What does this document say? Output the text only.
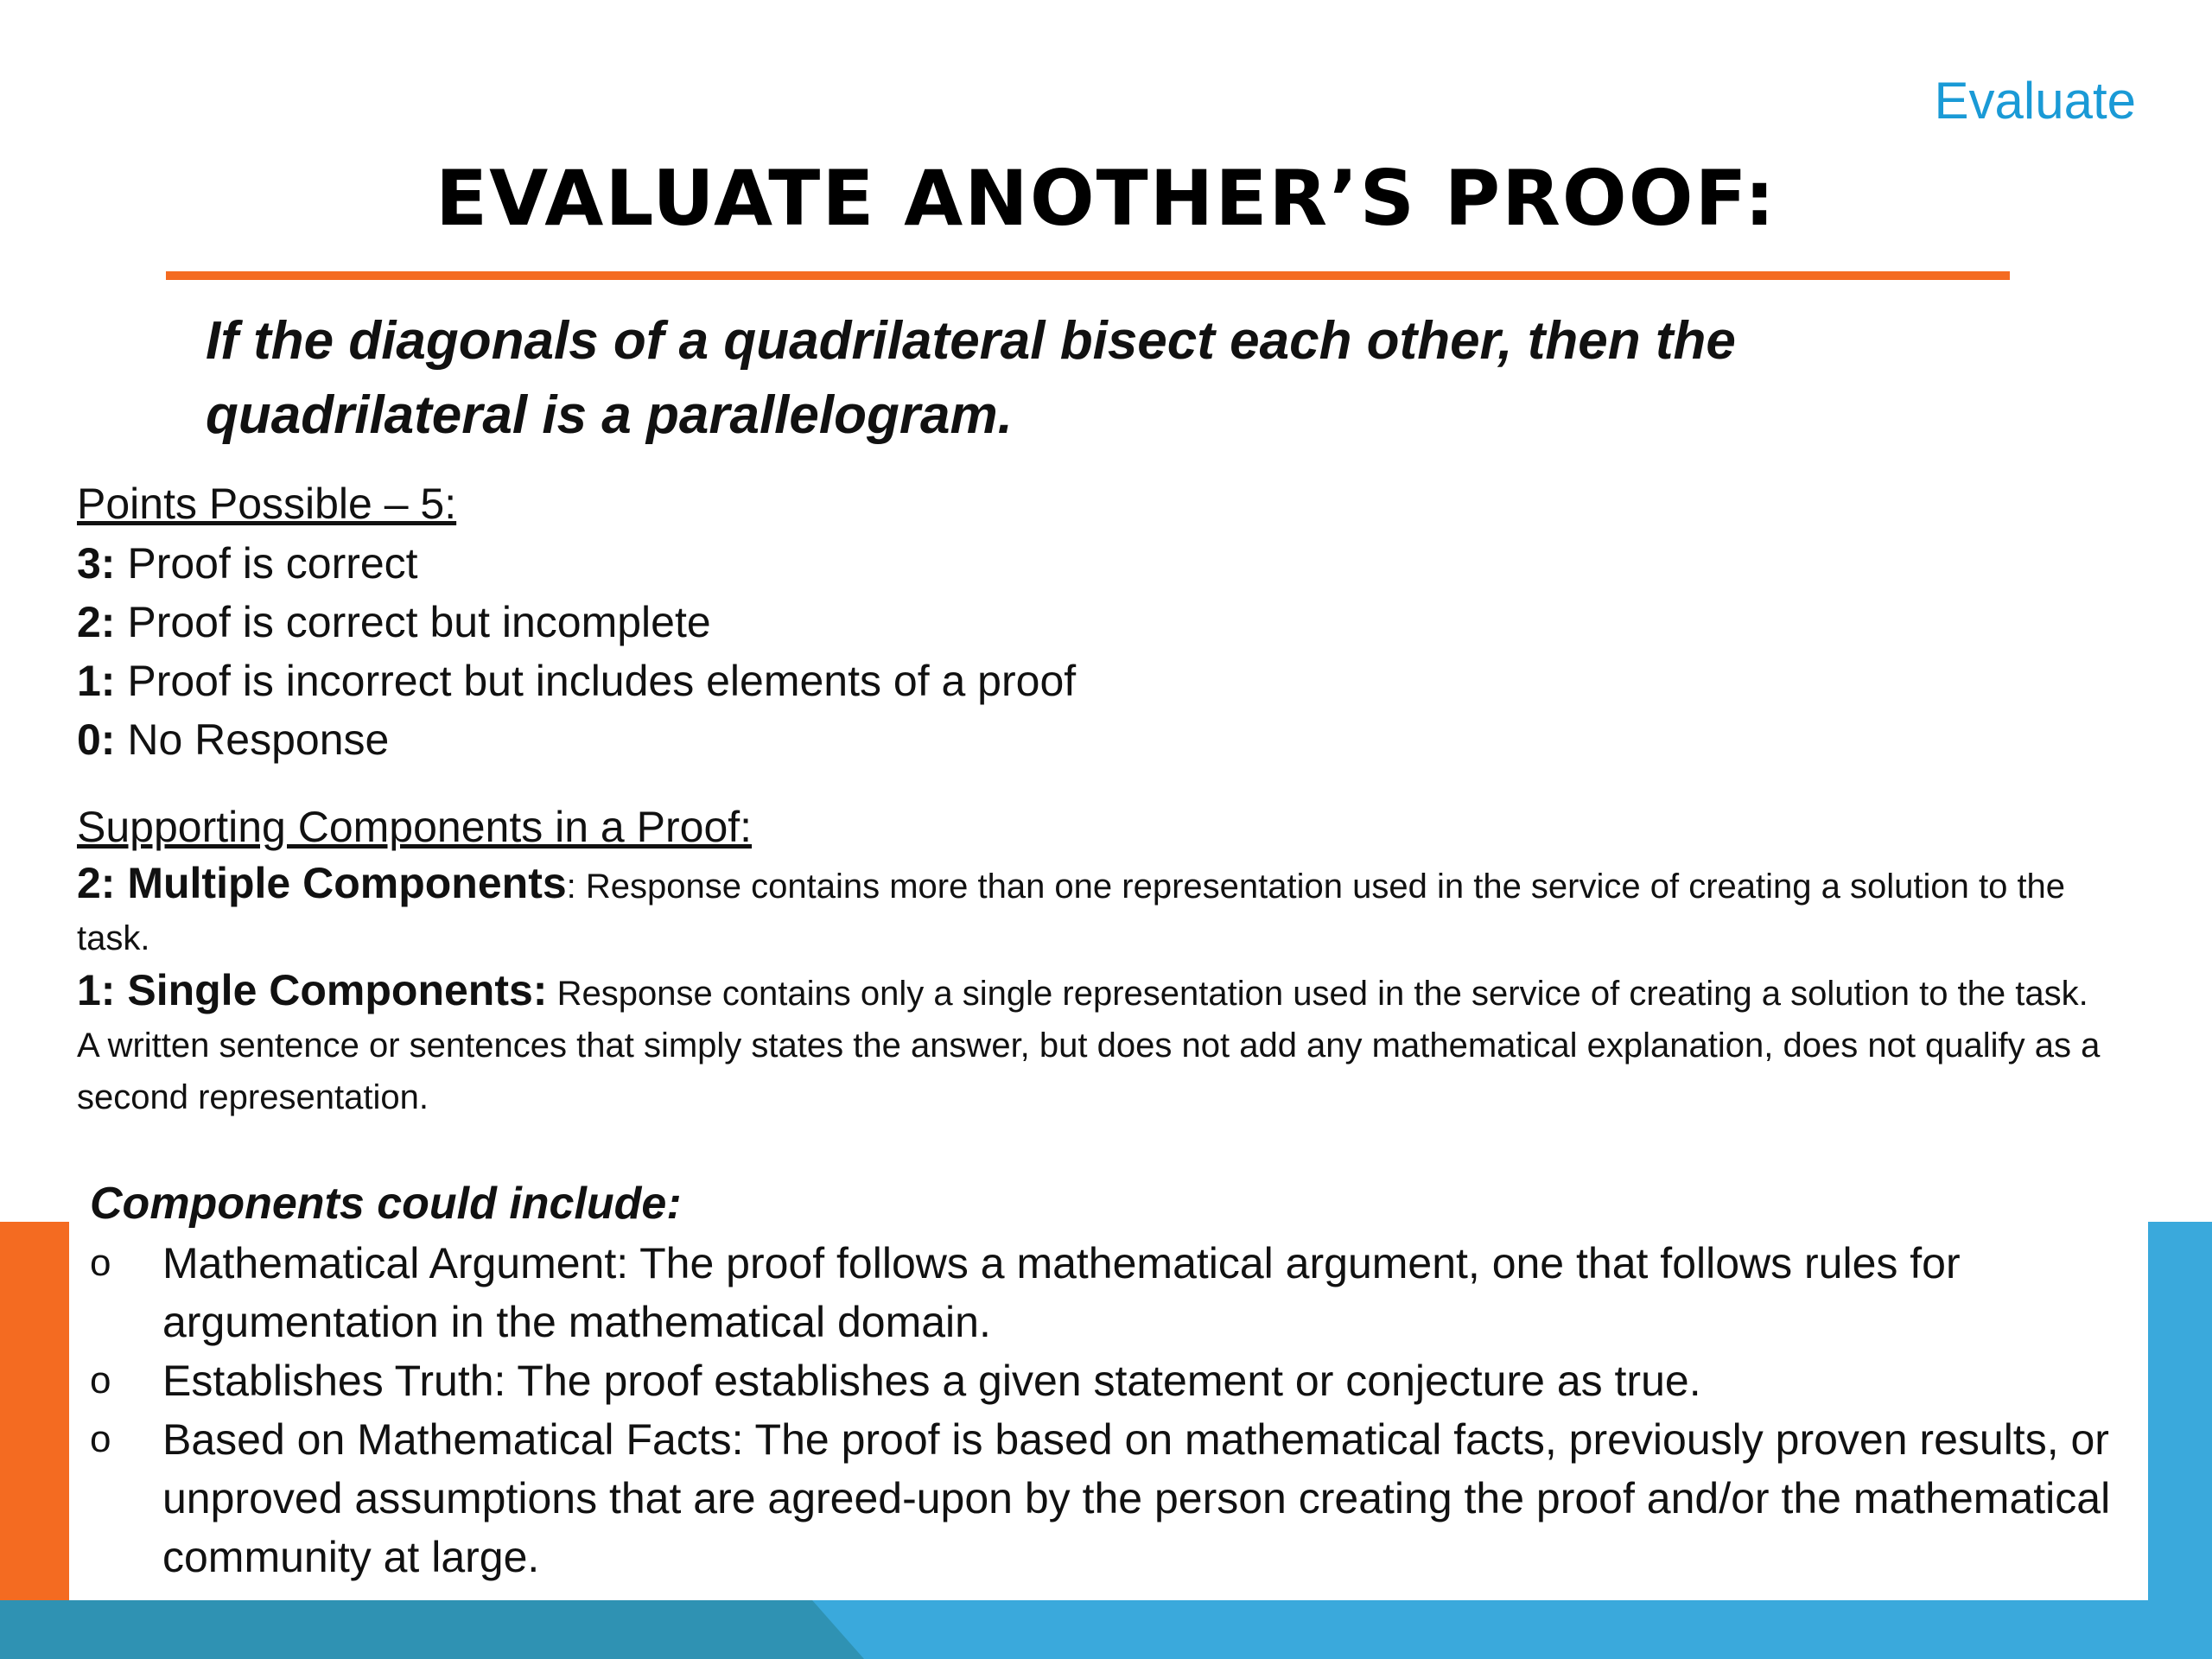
Evaluate

EVALUATE ANOTHER’S PROOF:

If the diagonals of a quadrilateral bisect each other, then the quadrilateral is a parallelogram.

Points Possible – 5:

3: Proof is correct
2: Proof is correct but incomplete
1: Proof is incorrect but includes elements of a proof
0: No Response

Supporting Components in a Proof:

2: Multiple Components: Response contains more than one representation used in the service of creating a solution to the task.

1: Single Components: Response contains only a single representation used in the service of creating a solution to the task. A written sentence or sentences that simply states the answer, but does not add any mathematical explanation, does not qualify as a second representation.

Components could include:

o Mathematical Argument: The proof follows a mathematical argument, one that follows rules for argumentation in the mathematical domain.
o Establishes Truth: The proof establishes a given statement or conjecture as true.
o Based on Mathematical Facts: The proof is based on mathematical facts, previously proven results, or unproved assumptions that are agreed-upon by the person creating the proof and/or the mathematical community at large.
